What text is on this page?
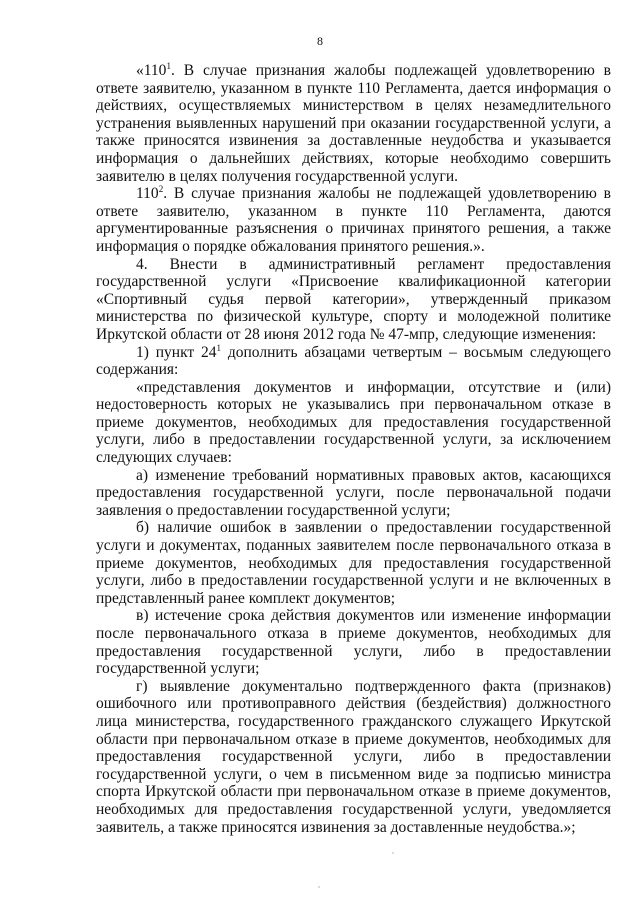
8

«$110^1$. В случае признания жалобы подлежащей удовлетворению в ответе заявителю, указанном в пункте 110 Регламента, дается информация о действиях, осуществляемых министерством в целях незамедлительного устранения выявленных нарушений при оказании государственной услуги, а также приносятся извинения за доставленные неудобства и указывается информация о дальнейших действиях, которые необходимо совершить заявителю в целях получения государственной услуги.

$110^2$. В случае признания жалобы не подлежащей удовлетворению в ответе заявителю, указанном в пункте 110 Регламента, даются аргументированные разъяснения о причинах принятого решения, а также информация о порядке обжалования принятого решения.».

4. Внести в административный регламент предоставления государственной услуги «Присвоение квалификационной категории «Спортивный судья первой категории», утвержденный приказом министерства по физической культуре, спорту и молодежной политике Иркутской области от 28 июня 2012 года № 47-мпр, следующие изменения:

1) пункт $24^1$ дополнить абзацами четвертым – восьмым следующего содержания:

«представления документов и информации, отсутствие и (или) недостоверность которых не указывались при первоначальном отказе в приеме документов, необходимых для предоставления государственной услуги, либо в предоставлении государственной услуги, за исключением следующих случаев:

а) изменение требований нормативных правовых актов, касающихся предоставления государственной услуги, после первоначальной подачи заявления о предоставлении государственной услуги;

б) наличие ошибок в заявлении о предоставлении государственной услуги и документах, поданных заявителем после первоначального отказа в приеме документов, необходимых для предоставления государственной услуги, либо в предоставлении государственной услуги и не включенных в представленный ранее комплект документов;

в) истечение срока действия документов или изменение информации после первоначального отказа в приеме документов, необходимых для предоставления государственной услуги, либо в предоставлении государственной услуги;

г) выявление документально подтвержденного факта (признаков) ошибочного или противоправного действия (бездействия) должностного лица министерства, государственного гражданского служащего Иркутской области при первоначальном отказе в приеме документов, необходимых для предоставления государственной услуги, либо в предоставлении государственной услуги, о чем в письменном виде за подписью министра спорта Иркутской области при первоначальном отказе в приеме документов, необходимых для предоставления государственной услуги, уведомляется заявитель, а также приносятся извинения за доставленные неудобства.»;
